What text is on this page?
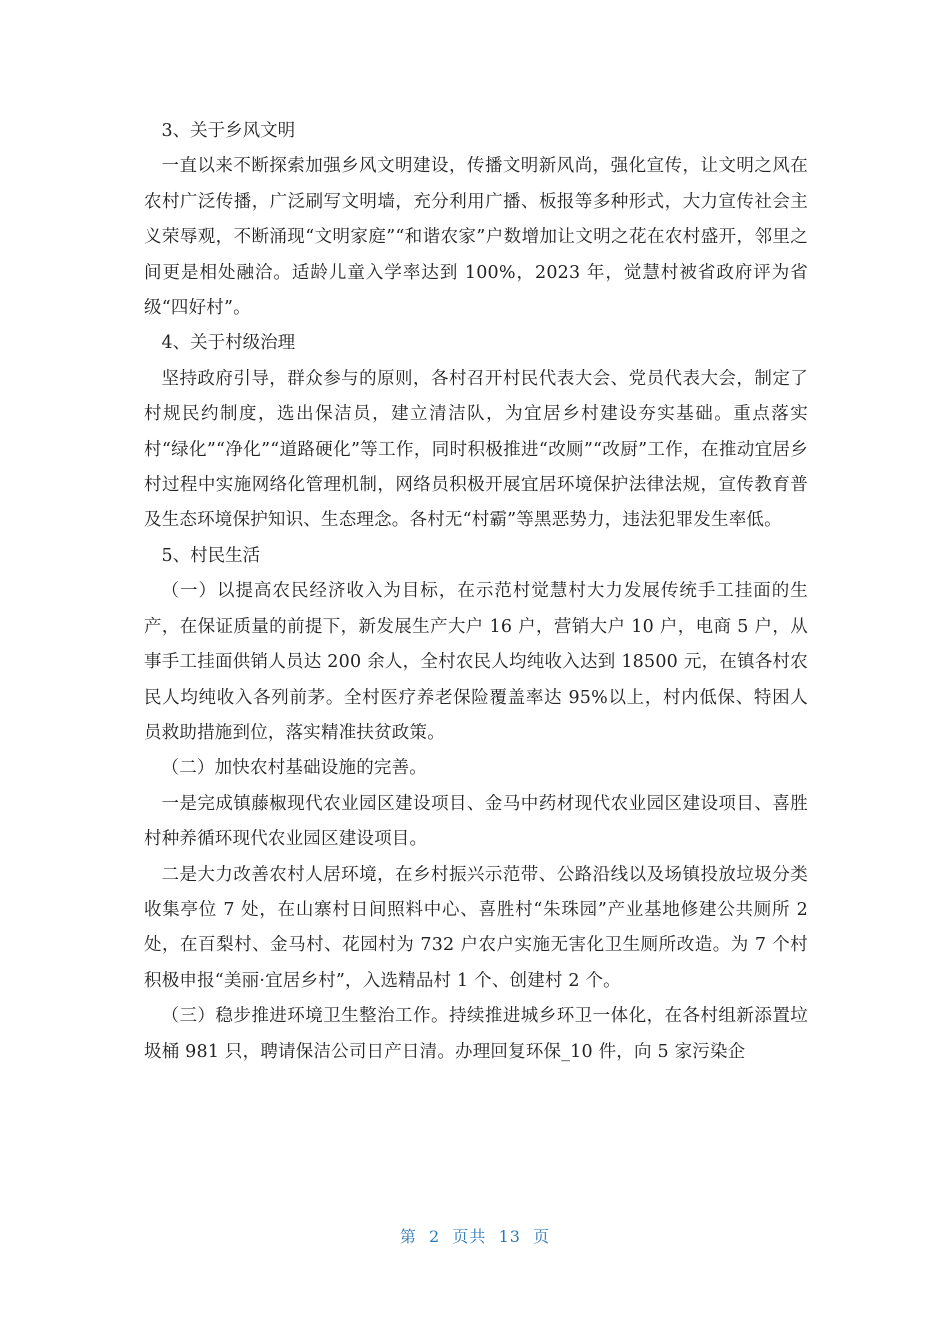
3、关于乡风文明

一直以来不断探索加强乡风文明建设，传播文明新风尚，强化宣传，让文明之风在农村广泛传播，广泛刷写文明墙，充分利用广播、板报等多种形式，大力宣传社会主义荣辱观，不断涌现“文明家庭”“和谐农家”户数增加让文明之花在农村盛开，邻里之间更是相处融洽。适龄儿童入学率达到 100%，2023 年，觉慧村被省政府评为省级“四好村”。

4、关于村级治理

坚持政府引导，群众参与的原则，各村召开村民代表大会、党员代表大会，制定了村规民约制度，选出保洁员，建立清洁队，为宜居乡村建设夯实基础。重点落实村“绿化”“净化”“道路硬化”等工作，同时积极推进“改厕”“改厨”工作，在推动宜居乡村过程中实施网络化管理机制，网络员积极开展宜居环境保护法律法规，宣传教育普及生态环境保护知识、生态理念。各村无“村霸”等黑恶势力，违法犯罪发生率低。

5、村民生活

（一）以提高农民经济收入为目标，在示范村觉慧村大力发展传统手工挂面的生产，在保证质量的前提下，新发展生产大户 16 户，营销大户 10 户，电商 5 户，从事手工挂面供销人员达 200 余人，全村农民人均纯收入达到 18500 元，在镇各村农民人均纯收入各列前茅。全村医疗养老保险覆盖率达 95%以上，村内低保、特困人员救助措施到位，落实精准扶贫政策。

（二）加快农村基础设施的完善。

一是完成镇藤椒现代农业园区建设项目、金马中药材现代农业园区建设项目、喜胜村种养循环现代农业园区建设项目。

二是大力改善农村人居环境，在乡村振兴示范带、公路沿线以及场镇投放垃圾分类收集亭位 7 处，在山寨村日间照料中心、喜胜村“朱珠园”产业基地修建公共厕所 2 处，在百梨村、金马村、花园村为 732 户农户实施无害化卫生厕所改造。为 7 个村积极申报“美丽·宜居乡村”，入选精品村 1 个、创建村 2 个。

（三）稳步推进环境卫生整治工作。持续推进城乡环卫一体化，在各村组新添置垃圾桶 981 只，聘请保洁公司日产日清。办理回复环保_10 件，向 5 家污染企

第 2 页共 13 页
